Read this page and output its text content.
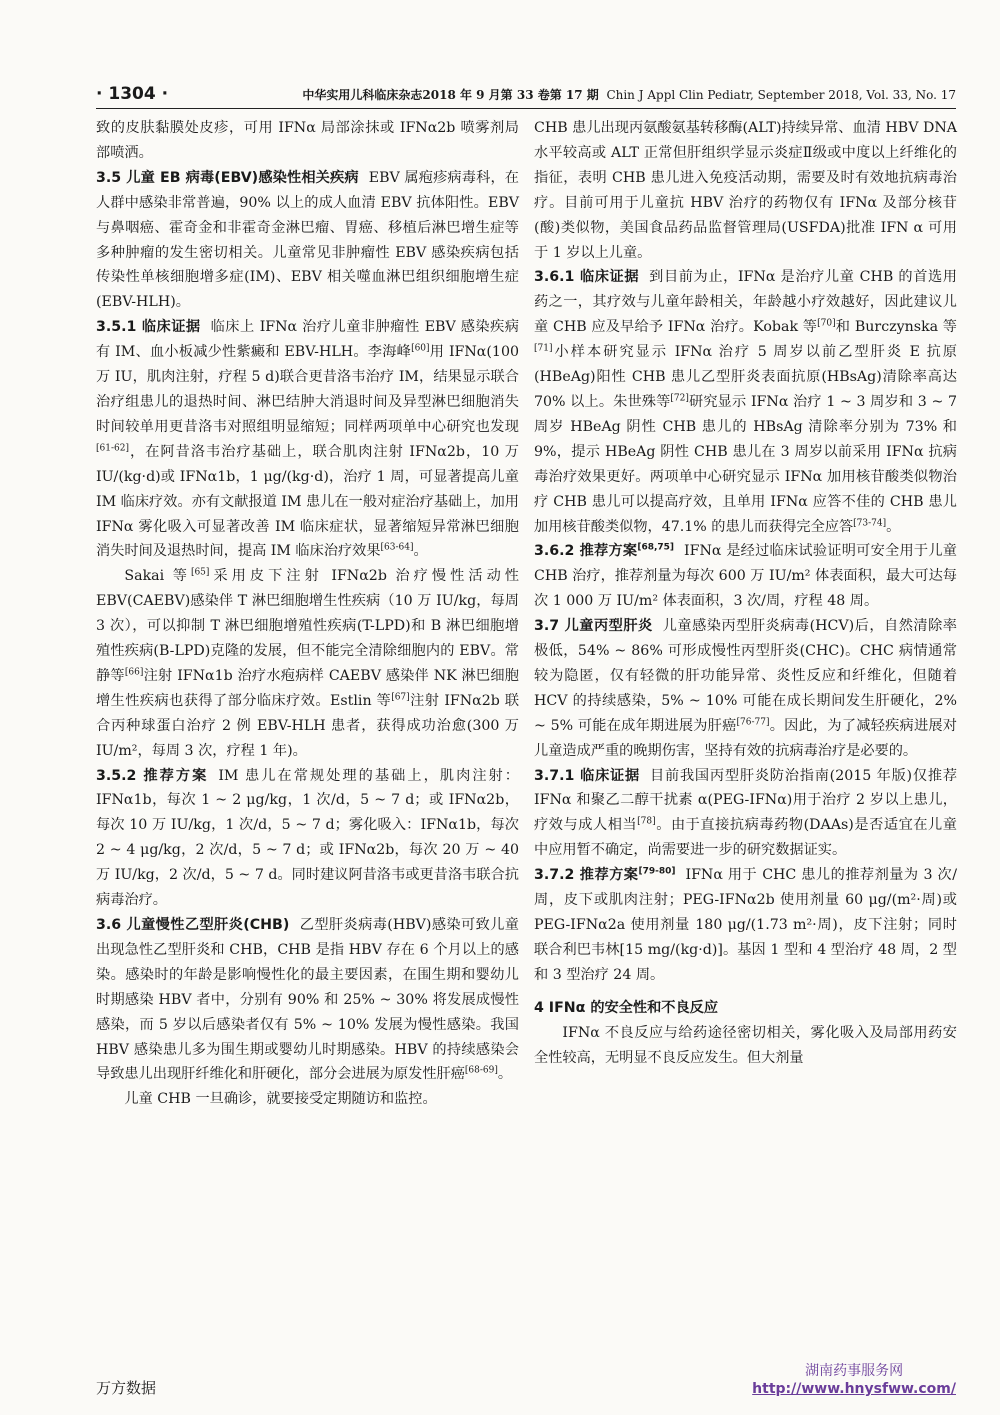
· 1304 ·	中华实用儿科临床杂志2018 年 9 月第 33 卷第 17 期 Chin J Appl Clin Pediatr, September 2018, Vol. 33, No. 17

致的皮肤黏膜处皮疹，可用 IFNα 局部涂抹或 IFNα2b 喷雾剂局部喷洒。

3.5 儿童 EB 病毒(EBV)感染性相关疾病 EBV 属疱疹病毒科，在人群中感染非常普遍，90% 以上的成人血清 EBV 抗体阳性。EBV 与鼻咽癌、霍奇金和非霍奇金淋巴瘤、胃癌、移植后淋巴增生症等多种肿瘤的发生密切相关。儿童常见非肿瘤性 EBV 感染疾病包括传染性单核细胞增多症(IM)、EBV 相关噬血淋巴组织细胞增生症(EBV-HLH)。

3.5.1 临床证据 临床上 IFNα 治疗儿童非肿瘤性 EBV 感染疾病有 IM、血小板减少性紫癜和 EBV-HLH。李海峰[60]用 IFNα(100 万 IU，肌肉注射，疗程 5 d)联合更昔洛韦治疗 IM，结果显示联合治疗组患儿的退热时间、淋巴结肿大消退时间及异型淋巴细胞消失时间较单用更昔洛韦对照组明显缩短；同样两项单中心研究也发现[61-62]，在阿昔洛韦治疗基础上，联合肌肉注射 IFNα2b，10 万 IU/(kg·d)或 IFNα1b，1 μg/(kg·d)，治疗 1 周，可显著提高儿童 IM 临床疗效。亦有文献报道 IM 患儿在一般对症治疗基础上，加用 IFNα 雾化吸入可显著改善 IM 临床症状，显著缩短异常淋巴细胞消失时间及退热时间，提高 IM 临床治疗效果[63-64]。

Sakai 等[65]采用皮下注射 IFNα2b 治疗慢性活动性 EBV(CAEBV)感染伴 T 淋巴细胞增生性疾病（10 万 IU/kg，每周 3 次），可以抑制 T 淋巴细胞增殖性疾病(T-LPD)和 B 淋巴细胞增殖性疾病(B-LPD)克隆的发展，但不能完全清除细胞内的 EBV。常静等[66]注射 IFNα1b 治疗水疱病样 CAEBV 感染伴 NK 淋巴细胞增生性疾病也获得了部分临床疗效。Estlin 等[67]注射 IFNα2b 联合丙种球蛋白治疗 2 例 EBV-HLH 患者，获得成功治愈(300 万 IU/m²，每周 3 次，疗程 1 年)。

3.5.2 推荐方案 IM 患儿在常规处理的基础上，肌肉注射：IFNα1b，每次 1 ~ 2 μg/kg，1 次/d，5 ~ 7 d；或 IFNα2b，每次 10 万 IU/kg，1 次/d，5 ~ 7 d；雾化吸入：IFNα1b，每次 2 ~ 4 μg/kg，2 次/d，5 ~ 7 d；或 IFNα2b，每次 20 万 ~ 40 万 IU/kg，2 次/d，5 ~ 7 d。同时建议阿昔洛韦或更昔洛韦联合抗病毒治疗。

3.6 儿童慢性乙型肝炎(CHB) 乙型肝炎病毒(HBV)感染可致儿童出现急性乙型肝炎和 CHB，CHB 是指 HBV 存在 6 个月以上的感染。感染时的年龄是影响慢性化的最主要因素，在围生期和婴幼儿时期感染 HBV 者中，分别有 90% 和 25% ~ 30% 将发展成慢性感染，而 5 岁以后感染者仅有 5% ~ 10% 发展为慢性感染。我国 HBV 感染患儿多为围生期或婴幼儿时期感染。HBV 的持续感染会导致患儿出现肝纤维化和肝硬化，部分会进展为原发性肝癌[68-69]。

儿童 CHB 一旦确诊，就要接受定期随访和监控。

CHB 患儿出现丙氨酸氨基转移酶(ALT)持续异常、血清 HBV DNA 水平较高或 ALT 正常但肝组织学显示炎症Ⅱ级或中度以上纤维化的指征，表明 CHB 患儿进入免疫活动期，需要及时有效地抗病毒治疗。目前可用于儿童抗 HBV 治疗的药物仅有 IFNα 及部分核苷(酸)类似物，美国食品药品监督管理局(USFDA)批准 IFN α 可用于 1 岁以上儿童。

3.6.1 临床证据 到目前为止，IFNα 是治疗儿童 CHB 的首选用药之一，其疗效与儿童年龄相关，年龄越小疗效越好，因此建议儿童 CHB 应及早给予 IFNα 治疗。Kobak 等[70]和 Burczynska 等[71]小样本研究显示 IFNα 治疗 5 周岁以前乙型肝炎 E 抗原(HBeAg)阳性 CHB 患儿乙型肝炎表面抗原(HBsAg)清除率高达 70% 以上。朱世殊等[72]研究显示 IFNα 治疗 1 ~ 3 周岁和 3 ~ 7 周岁 HBeAg 阴性 CHB 患儿的 HBsAg 清除率分别为 73% 和 9%，提示 HBeAg 阴性 CHB 患儿在 3 周岁以前采用 IFNα 抗病毒治疗效果更好。两项单中心研究显示 IFNα 加用核苷酸类似物治疗 CHB 患儿可以提高疗效，且单用 IFNα 应答不佳的 CHB 患儿加用核苷酸类似物，47.1% 的患儿而获得完全应答[73-74]。

3.6.2 推荐方案[68,75] IFNα 是经过临床试验证明可安全用于儿童 CHB 治疗，推荐剂量为每次 600 万 IU/m² 体表面积，最大可达每次 1 000 万 IU/m² 体表面积，3 次/周，疗程 48 周。

3.7 儿童丙型肝炎 儿童感染丙型肝炎病毒(HCV)后，自然清除率极低，54% ~ 86% 可形成慢性丙型肝炎(CHC)。CHC 病情通常较为隐匿，仅有轻微的肝功能异常、炎性反应和纤维化，但随着 HCV 的持续感染，5% ~ 10% 可能在成长期间发生肝硬化，2% ~ 5% 可能在成年期进展为肝癌[76-77]。因此，为了减轻疾病进展对儿童造成严重的晚期伤害，坚持有效的抗病毒治疗是必要的。

3.7.1 临床证据 目前我国丙型肝炎防治指南(2015 年版)仅推荐 IFNα 和聚乙二醇干扰素 α(PEG-IFNα)用于治疗 2 岁以上患儿，疗效与成人相当[78]。由于直接抗病毒药物(DAAs)是否适宜在儿童中应用暂不确定，尚需要进一步的研究数据证实。

3.7.2 推荐方案[79-80] IFNα 用于 CHC 患儿的推荐剂量为 3 次/周，皮下或肌肉注射；PEG-IFNα2b 使用剂量 60 μg/(m²·周)或 PEG-IFNα2a 使用剂量 180 μg/(1.73 m²·周)，皮下注射；同时联合利巴韦林[15 mg/(kg·d)]。基因 1 型和 4 型治疗 48 周，2 型和 3 型治疗 24 周。

4 IFNα 的安全性和不良反应

IFNα 不良反应与给药途径密切相关，雾化吸入及局部用药安全性较高，无明显不良反应发生。但大剂量

万方数据
湖南药事服务网
http://www.hnysfww.com/
